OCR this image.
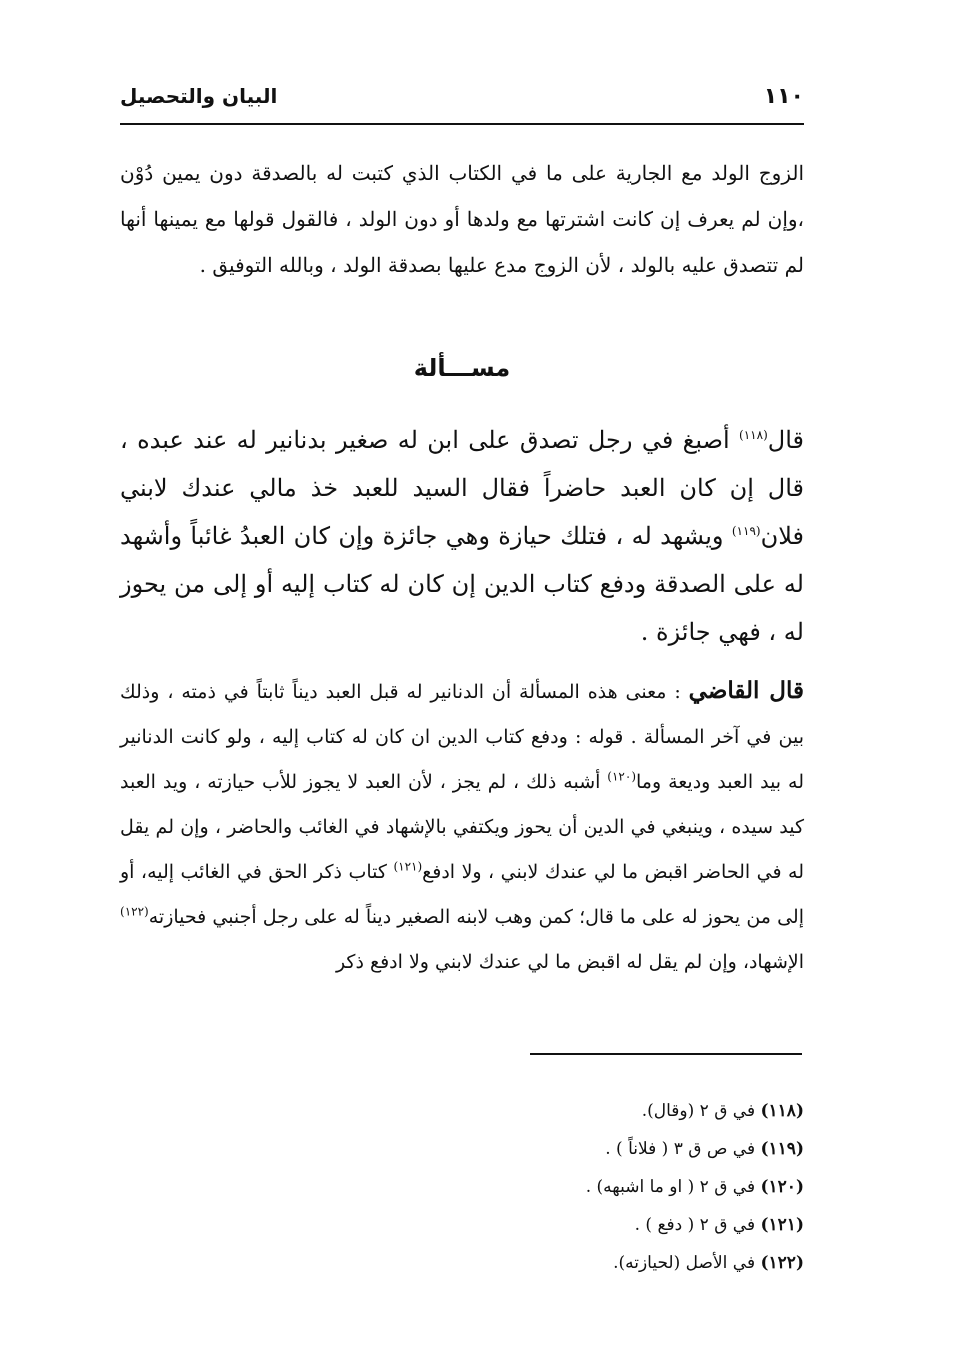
١١٠
البيان والتحصيل

الزوج الولد مع الجارية على ما في الكتاب الذي كتبت له بالصدقة دون يمين دُوْن ،وإن لم يعرف إن كانت اشترتها مع ولدها أو دون الولد ، فالقول قولها مع يمينها أنها لم تتصدق عليه بالولد ، لأن الزوج مدع عليها بصدقة الولد ، وبالله التوفيق .

مســـألة

قال$^{(١١٨)}$ أصبغ في رجل تصدق على ابن له صغير بدنانير له عند عبده ، قال إن كان العبد حاضراً فقال السيد للعبد خذ مالي عندك لابني فلان$^{(١١٩)}$ ويشهد له ، فتلك حيازة وهي جائزة وإن كان العبدُ غائباً وأشهد له على الصدقة ودفع كتاب الدين إن كان له كتاب إليه أو إلى من يحوز له ، فهي جائزة .

قال القاضي : معنى هذه المسألة أن الدنانير له قبل العبد ديناً ثابتاً في ذمته ، وذلك بين في آخر المسألة . قوله : ودفع كتاب الدين ان كان له كتاب إليه ، ولو كانت الدنانير له بيد العبد وديعة وما$^{(١٢٠)}$ أشبه ذلك ، لم يجز ، لأن العبد لا يجوز للأب حيازته ، ويد العبد كيد سيده ، وينبغي في الدين أن يحوز ويكتفي بالإشهاد في الغائب والحاضر ، وإن لم يقل له في الحاضر اقبض ما لي عندك لابني ، ولا ادفع$^{(١٢١)}$ كتاب ذكر الحق في الغائب إليه، أو إلى من يحوز له على ما قال؛ كمن وهب لابنه الصغير ديناً له على رجل أجنبي فحيازته$^{(١٢٢)}$ الإشهاد، وإن لم يقل له اقبض ما لي عندك لابني ولا ادفع ذكر

(١١٨) في ق ٢ (وقال).
(١١٩) في ص ق ٣ ( فلاناً ) .
(١٢٠) في ق ٢ ( او ما اشبهه) .
(١٢١) في ق ٢ ( دفع ) .
(١٢٢) في الأصل (لحيازته).
